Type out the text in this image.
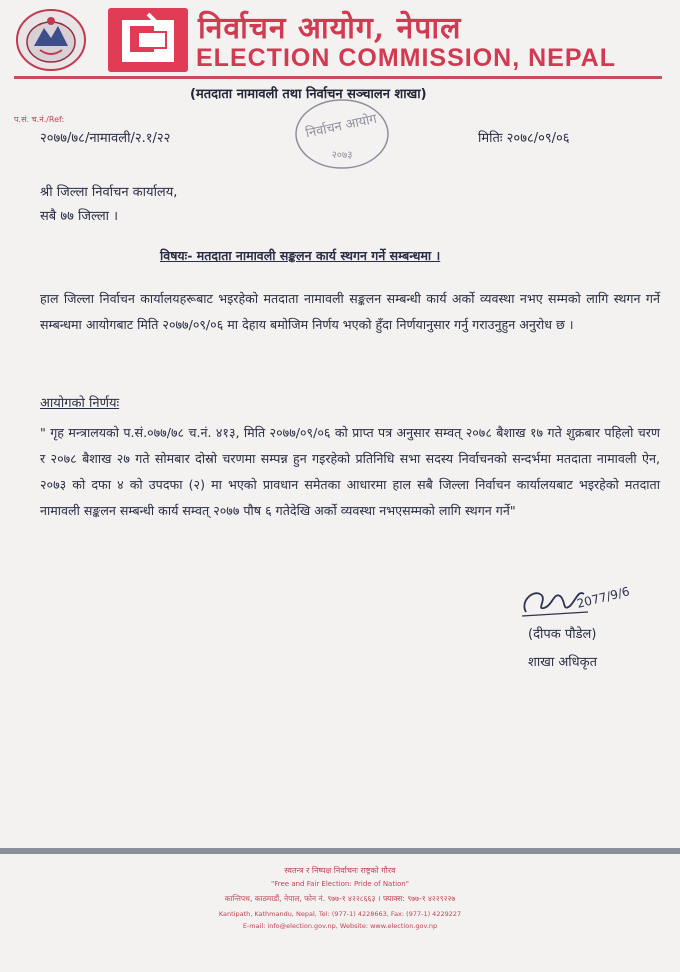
निर्वाचन आयोग, नेपाल
ELECTION COMMISSION, NEPAL
(मतदाता नामावली तथा निर्वाचन सञ्चालन शाखा)
प.सं. च.नं./Ref:
२०७७/७८/नामावली/२.१/२२	मितिः २०७८/०९/०६
निर्वाचन आयोग
२०७३
श्री जिल्ला निर्वाचन कार्यालय,
सबै ७७ जिल्ला ।
विषयः- मतदाता नामावली सङ्कलन कार्य स्थगन गर्ने सम्बन्धमा ।
हाल जिल्ला निर्वाचन कार्यालयहरूबाट भइरहेको मतदाता नामावली सङ्कलन सम्बन्धी कार्य अर्को व्यवस्था नभए सम्मको लागि स्थगन गर्ने सम्बन्धमा आयोगबाट मिति २०७७/०९/०६ मा देहाय बमोजिम निर्णय भएको हुँदा निर्णयानुसार गर्नु गराउनुहुन अनुरोध छ ।
आयोगको निर्णयः
" गृह मन्त्रालयको प.सं.०७७/७८ च.नं. ४१३, मिति २०७७/०९/०६ को प्राप्त पत्र अनुसार सम्वत् २०७८ बैशाख १७ गते शुक्रबार पहिलो चरण र २०७८ बैशाख २७ गते सोमबार दोस्रो चरणमा सम्पन्न हुन गइरहेको प्रतिनिधि सभा सदस्य निर्वाचनको सन्दर्भमा मतदाता नामावली ऐन, २०७३ को दफा ४ को उपदफा (२) मा भएको प्रावधान समेतका आधारमा हाल सबै जिल्ला निर्वाचन कार्यालयबाट भइरहेको मतदाता नामावली सङ्कलन सम्बन्धी कार्य सम्वत् २०७७ पौष ६ गतेदेखि अर्को व्यवस्था नभएसम्मको लागि स्थगन गर्ने"
2077/9/6
(दीपक पौडेल)
शाखा अधिकृत
स्वतन्त्र र निष्पक्ष निर्वाचनः राष्ट्रको गौरव
"Free and Fair Election: Pride of Nation"
कान्तिपथ, काठमाडौं, नेपाल, फोन नं. ९७७-१ ४२२८६६३ । फ्याक्स: ९७७-१ ४२२९२२७
Kantipath, Kathmandu, Nepal, Tel: (977-1) 4228663, Fax: (977-1) 4229227
E-mail: info@election.gov.np, Website: www.election.gov.np
